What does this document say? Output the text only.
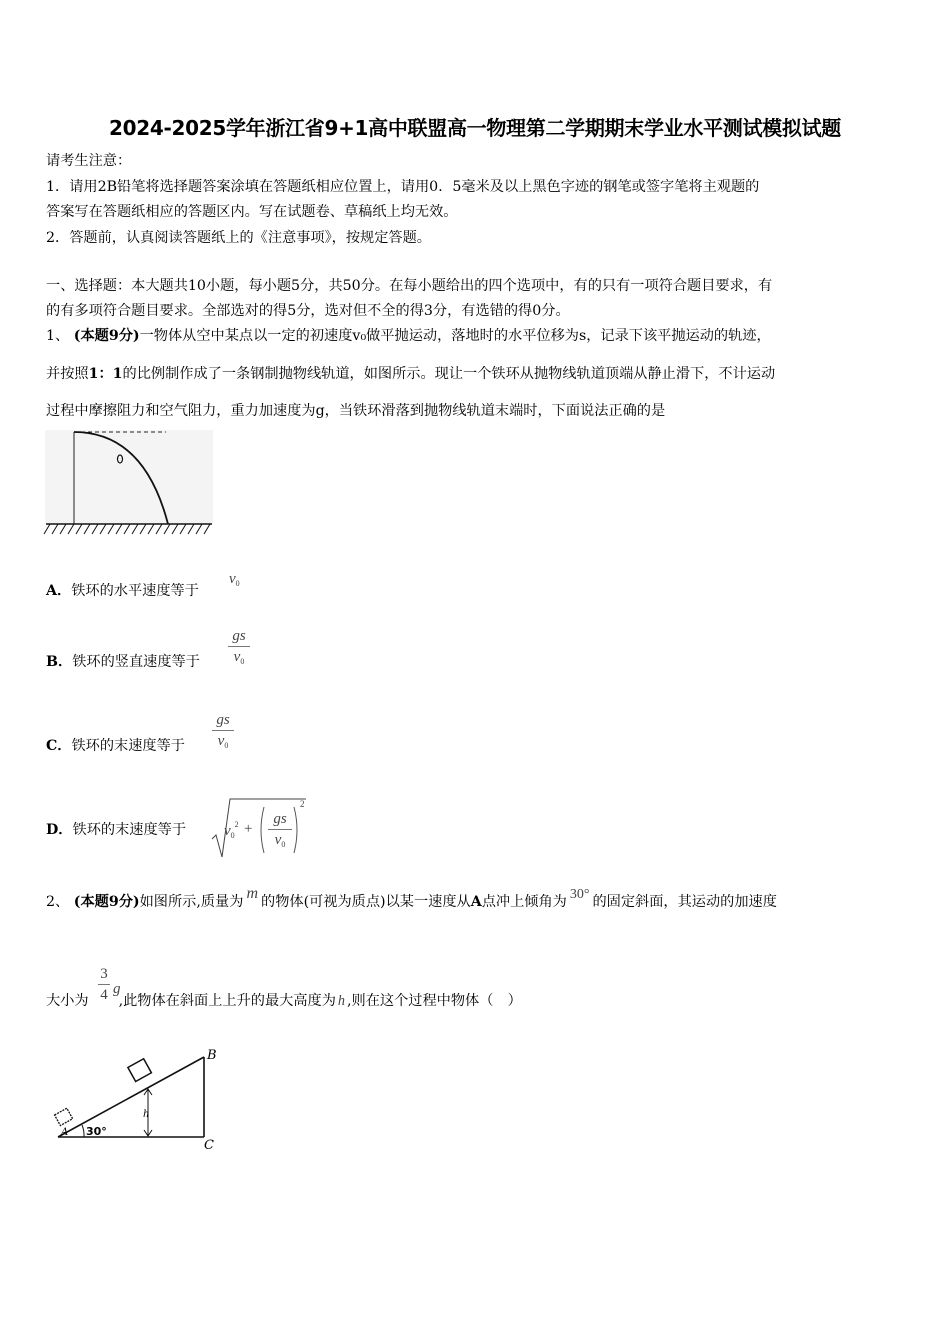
2024-2025学年浙江省9+1高中联盟高一物理第二学期期末学业水平测试模拟试题
请考生注意：
1．请用2B铅笔将选择题答案涂填在答题纸相应位置上，请用0．5毫米及以上黑色字迹的钢笔或签字笔将主观题的
答案写在答题纸相应的答题区内。写在试题卷、草稿纸上均无效。
2．答题前，认真阅读答题纸上的《注意事项》，按规定答题。
一、选择题：本大题共10小题，每小题5分，共50分。在每小题给出的四个选项中，有的只有一项符合题目要求，有
的有多项符合题目要求。全部选对的得5分，选对但不全的得3分，有选错的得0分。
1、 (本题9分)一物体从空中某点以一定的初速度v₀做平抛运动，落地时的水平位移为s，记录下该平抛运动的轨迹，
并按照1：1的比例制作成了一条钢制抛物线轨道，如图所示。现让一个铁环从抛物线轨道顶端从静止滑下，不计运动
过程中摩擦阻力和空气阻力，重力加速度为g，当铁环滑落到抛物线轨道末端时，下面说法正确的是
A．铁环的水平速度等于
$v_0$
B．铁环的竖直速度等于
gs
$v_0$
C．铁环的末速度等于
gs
$v_0$
D．铁环的末速度等于	$v_0^2$ +
gs
$v_0$
2
2、 (本题9分)如图所示,质量为 m 的物体(可视为质点)以某一速度从A点冲上倾角为 30° 的固定斜面，其运动的加速度
大小为 ,此物体在斜面上上升的最大高度为 h ,则在这个过程中物体（　）
3
4 g
B
C
A 30°
h
